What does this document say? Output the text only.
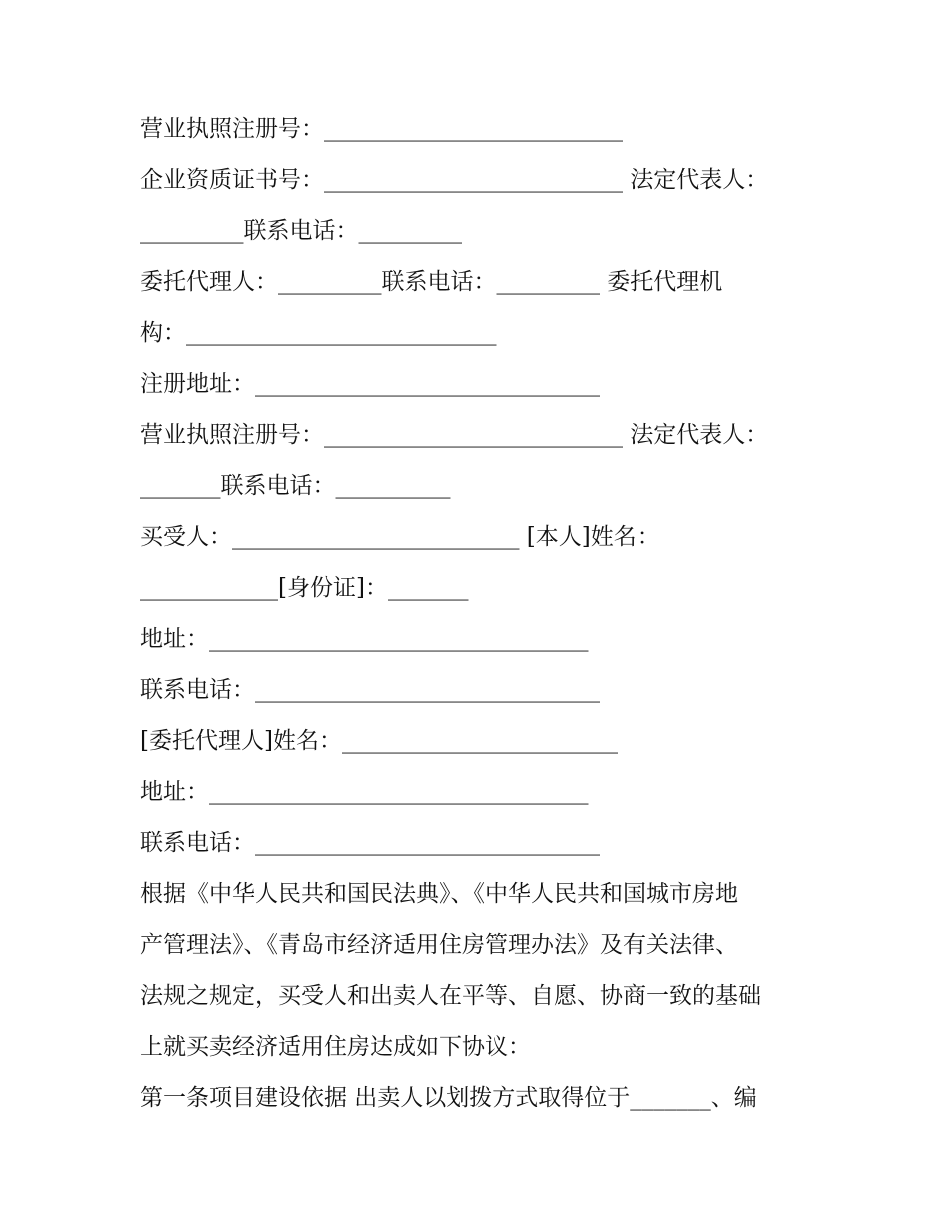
营业执照注册号：__________________________
企业资质证书号：__________________________ 法定代表人：
_________联系电话：_________
委托代理人：_________联系电话：_________ 委托代理机
构：___________________________
注册地址：______________________________
营业执照注册号：__________________________ 法定代表人：
_______联系电话：__________
买受人：_________________________ [本人]姓名：
____________[身份证]：_______
地址：_________________________________
联系电话：______________________________
[委托代理人]姓名：________________________
地址：_________________________________
联系电话：______________________________
根据《中华人民共和国民法典》、《中华人民共和国城市房地
产管理法》、《青岛市经济适用住房管理办法》及有关法律、
法规之规定，买受人和出卖人在平等、自愿、协商一致的基础
上就买卖经济适用住房达成如下协议：
第一条项目建设依据 出卖人以划拨方式取得位于_______、编
